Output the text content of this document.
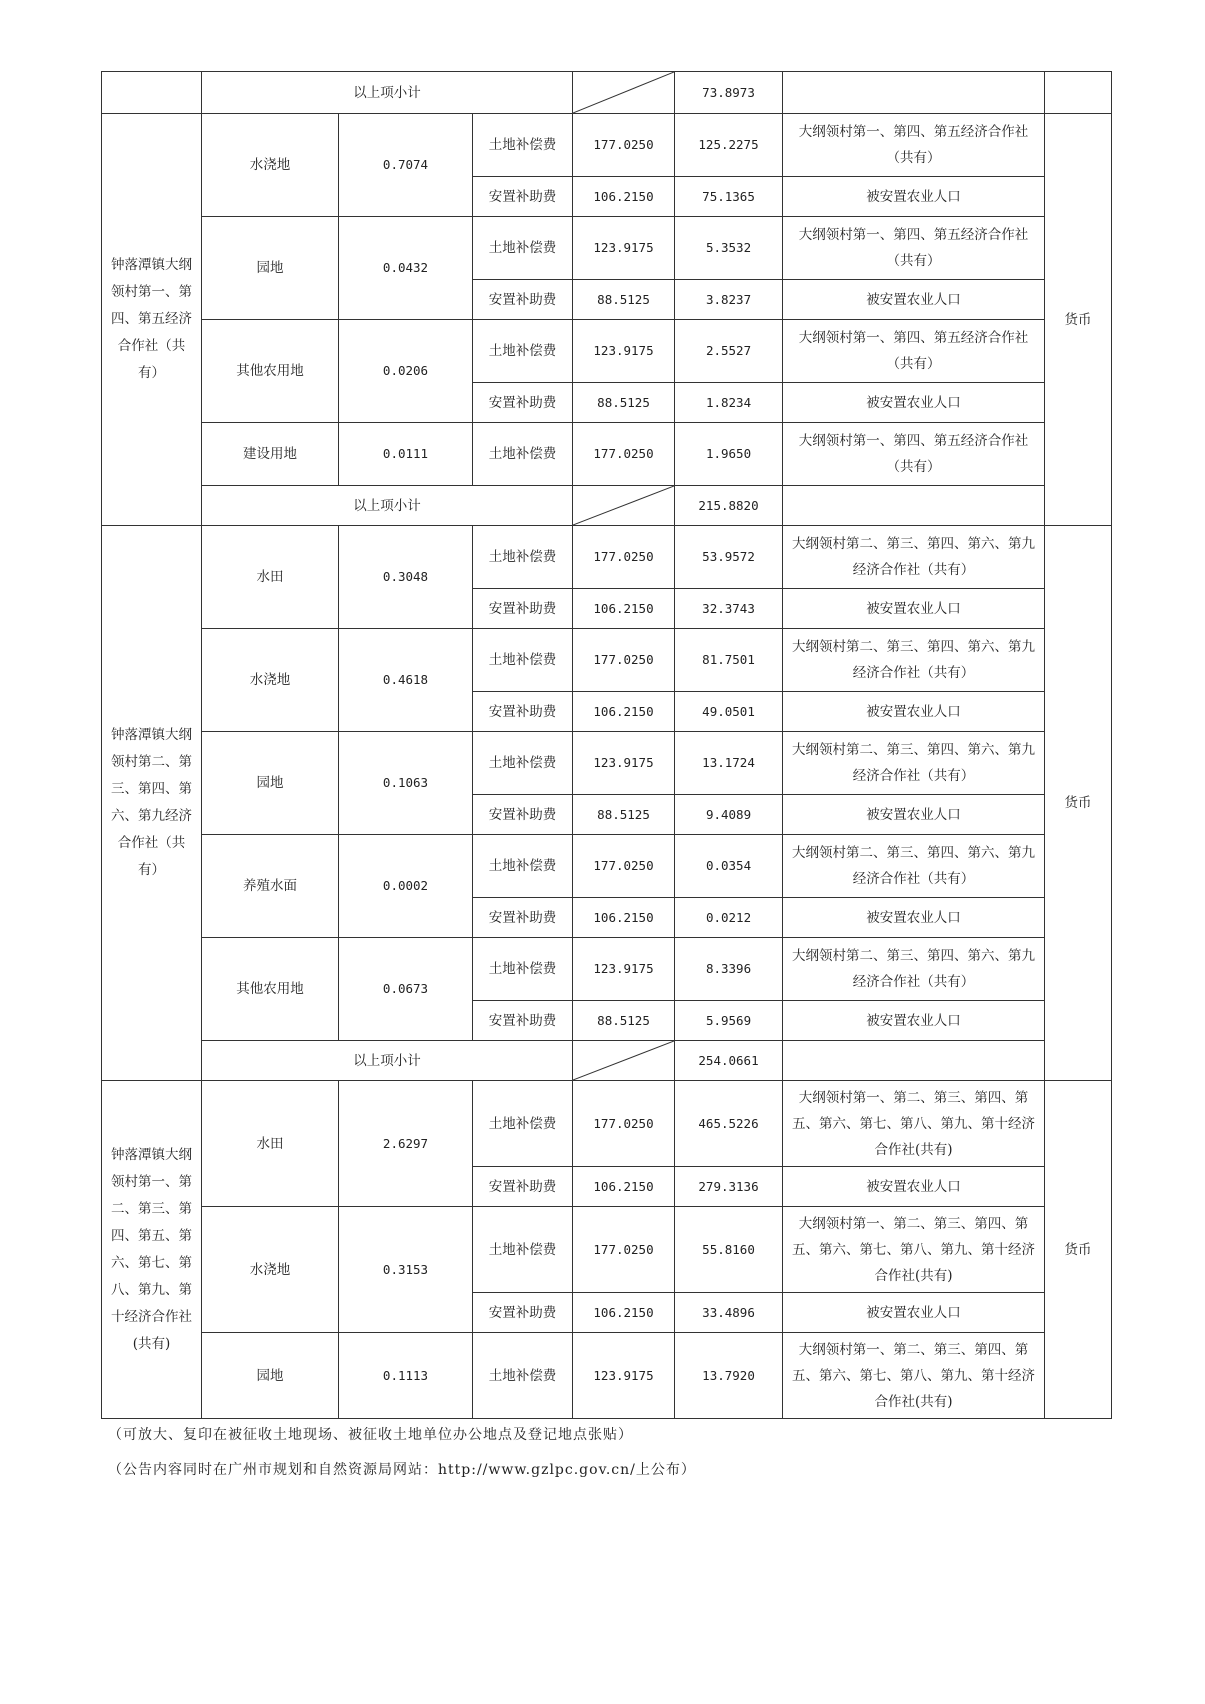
	以上项小计				73.8973		
钟落潭镇大纲领村第一、第四、第五经济合作社（共有）	水浇地	0.7074	土地补偿费	177.0250	125.2275	大纲领村第一、第四、第五经济合作社（共有）	货币
			安置补助费	106.2150	75.1365	被安置农业人口	
	园地	0.0432	土地补偿费	123.9175	5.3532	大纲领村第一、第四、第五经济合作社（共有）	
			安置补助费	88.5125	3.8237	被安置农业人口	
	其他农用地	0.0206	土地补偿费	123.9175	2.5527	大纲领村第一、第四、第五经济合作社（共有）	
			安置补助费	88.5125	1.8234	被安置农业人口	
	建设用地	0.0111	土地补偿费	177.0250	1.9650	大纲领村第一、第四、第五经济合作社（共有）	
	以上项小计				215.8820		
钟落潭镇大纲领村第二、第三、第四、第六、第九经济合作社（共有）	水田	0.3048	土地补偿费	177.0250	53.9572	大纲领村第二、第三、第四、第六、第九经济合作社（共有）	货币
			安置补助费	106.2150	32.3743	被安置农业人口	
	水浇地	0.4618	土地补偿费	177.0250	81.7501	大纲领村第二、第三、第四、第六、第九经济合作社（共有）	
			安置补助费	106.2150	49.0501	被安置农业人口	
	园地	0.1063	土地补偿费	123.9175	13.1724	大纲领村第二、第三、第四、第六、第九经济合作社（共有）	
			安置补助费	88.5125	9.4089	被安置农业人口	
	养殖水面	0.0002	土地补偿费	177.0250	0.0354	大纲领村第二、第三、第四、第六、第九经济合作社（共有）	
			安置补助费	106.2150	0.0212	被安置农业人口	
	其他农用地	0.0673	土地补偿费	123.9175	8.3396	大纲领村第二、第三、第四、第六、第九经济合作社（共有）	
			安置补助费	88.5125	5.9569	被安置农业人口	
	以上项小计				254.0661		
钟落潭镇大纲领村第一、第二、第三、第四、第五、第六、第七、第八、第九、第十经济合作社(共有)	水田	2.6297	土地补偿费	177.0250	465.5226	大纲领村第一、第二、第三、第四、第五、第六、第七、第八、第九、第十经济合作社(共有)	货币
			安置补助费	106.2150	279.3136	被安置农业人口	
	水浇地	0.3153	土地补偿费	177.0250	55.8160	大纲领村第一、第二、第三、第四、第五、第六、第七、第八、第九、第十经济合作社(共有)	
			安置补助费	106.2150	33.4896	被安置农业人口	
	园地	0.1113	土地补偿费	123.9175	13.7920	大纲领村第一、第二、第三、第四、第五、第六、第七、第八、第九、第十经济合作社(共有)	
（可放大、复印在被征收土地现场、被征收土地单位办公地点及登记地点张贴）
（公告内容同时在广州市规划和自然资源局网站：http://www.gzlpc.gov.cn/上公布）
